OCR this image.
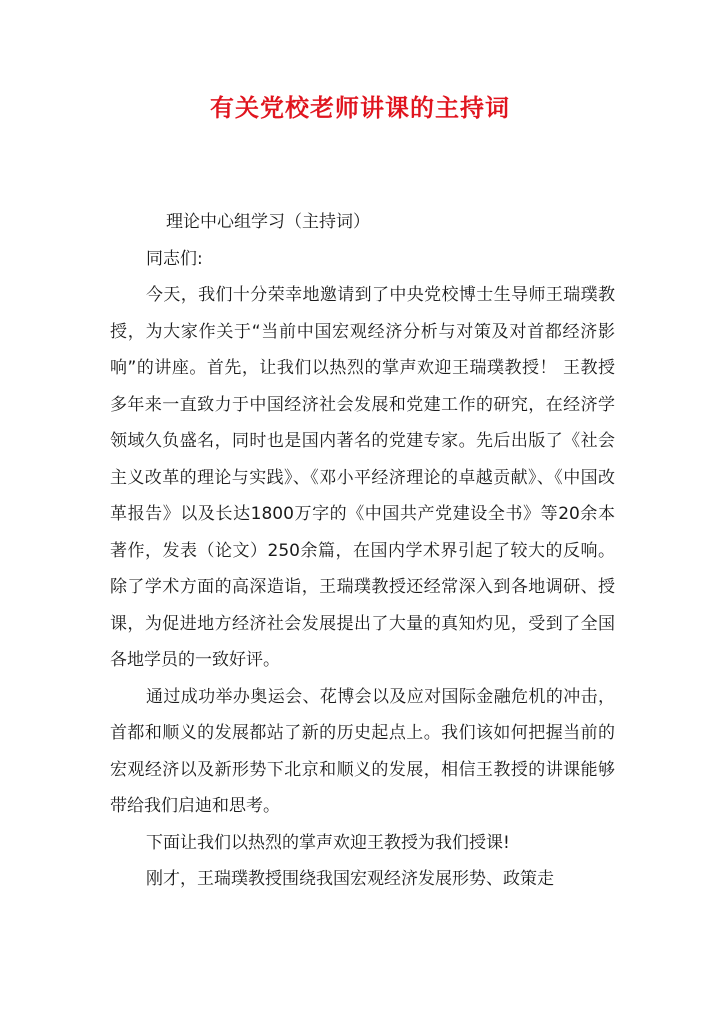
有关党校老师讲课的主持词

理论中心组学习（主持词）

同志们:

今天，我们十分荣幸地邀请到了中央党校博士生导师王瑞璞教授，为大家作关于“当前中国宏观经济分析与对策及对首都经济影响”的讲座。首先，让我们以热烈的掌声欢迎王瑞璞教授！ 王教授多年来一直致力于中国经济社会发展和党建工作的研究，在经济学领域久负盛名，同时也是国内著名的党建专家。先后出版了《社会主义改革的理论与实践》、《邓小平经济理论的卓越贡献》、《中国改革报告》以及长达1800万字的《中国共产党建设全书》等20余本著作，发表（论文）250余篇，在国内学术界引起了较大的反响。除了学术方面的高深造诣，王瑞璞教授还经常深入到各地调研、授课，为促进地方经济社会发展提出了大量的真知灼见，受到了全国各地学员的一致好评。

通过成功举办奥运会、花博会以及应对国际金融危机的冲击，首都和顺义的发展都站了新的历史起点上。我们该如何把握当前的宏观经济以及新形势下北京和顺义的发展，相信王教授的讲课能够带给我们启迪和思考。

下面让我们以热烈的掌声欢迎王教授为我们授课!

刚才，王瑞璞教授围绕我国宏观经济发展形势、政策走
